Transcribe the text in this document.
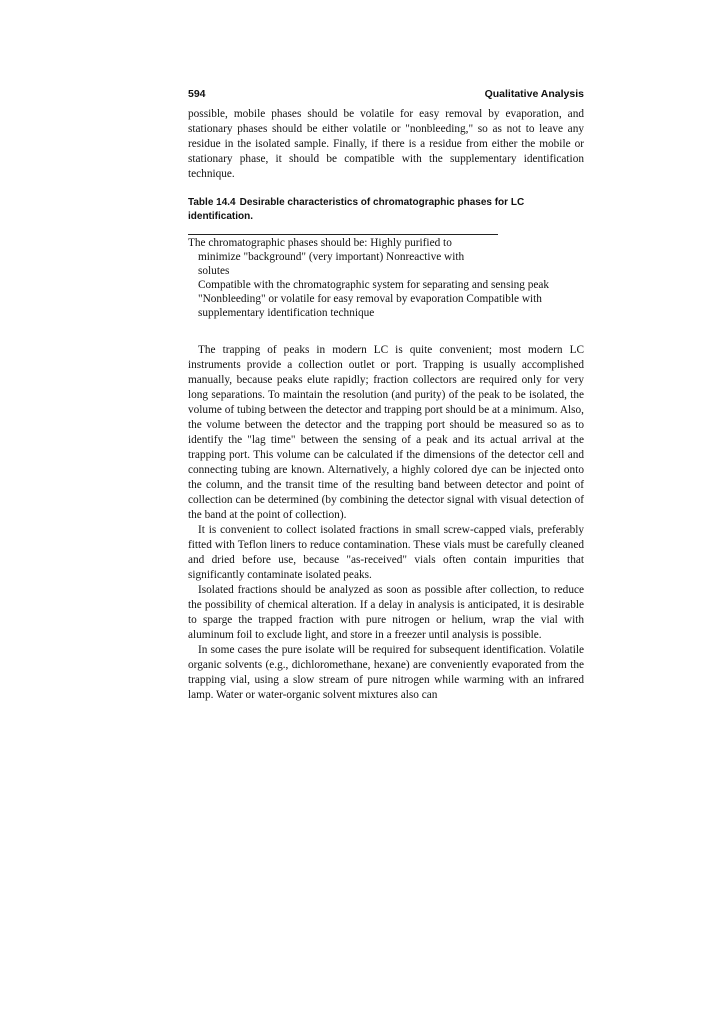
594	Qualitative Analysis

possible, mobile phases should be volatile for easy removal by evaporation, and stationary phases should be either volatile or "nonbleeding," so as not to leave any residue in the isolated sample. Finally, if there is a residue from either the mobile or stationary phase, it should be compatible with the supplementary identification technique.

Table 14.4 Desirable characteristics of chromatographic phases for LC identification.
The chromatographic phases should be: Highly purified to
minimize "background" (very important) Nonreactive with
solutes
Compatible with the chromatographic system for separating and sensing peak
"Nonbleeding" or volatile for easy removal by evaporation Compatible with
supplementary identification technique

The trapping of peaks in modern LC is quite convenient; most modern LC instruments provide a collection outlet or port. Trapping is usually accomplished manually, because peaks elute rapidly; fraction collectors are required only for very long separations. To maintain the resolution (and purity) of the peak to be isolated, the volume of tubing between the detector and trapping port should be at a minimum. Also, the volume between the detector and the trapping port should be measured so as to identify the "lag time" between the sensing of a peak and its actual arrival at the trapping port. This volume can be calculated if the dimensions of the detector cell and connecting tubing are known. Alternatively, a highly colored dye can be injected onto the column, and the transit time of the resulting band between detector and point of collection can be determined (by combining the detector signal with visual detection of the band at the point of collection).

It is convenient to collect isolated fractions in small screw-capped vials, preferably fitted with Teflon liners to reduce contamination. These vials must be carefully cleaned and dried before use, because "as-received" vials often contain impurities that significantly contaminate isolated peaks.

Isolated fractions should be analyzed as soon as possible after collection, to reduce the possibility of chemical alteration. If a delay in analysis is anticipated, it is desirable to sparge the trapped fraction with pure nitrogen or helium, wrap the vial with aluminum foil to exclude light, and store in a freezer until analysis is possible.

In some cases the pure isolate will be required for subsequent identification. Volatile organic solvents (e.g., dichloromethane, hexane) are conveniently evaporated from the trapping vial, using a slow stream of pure nitrogen while warming with an infrared lamp. Water or water-organic solvent mixtures also can
